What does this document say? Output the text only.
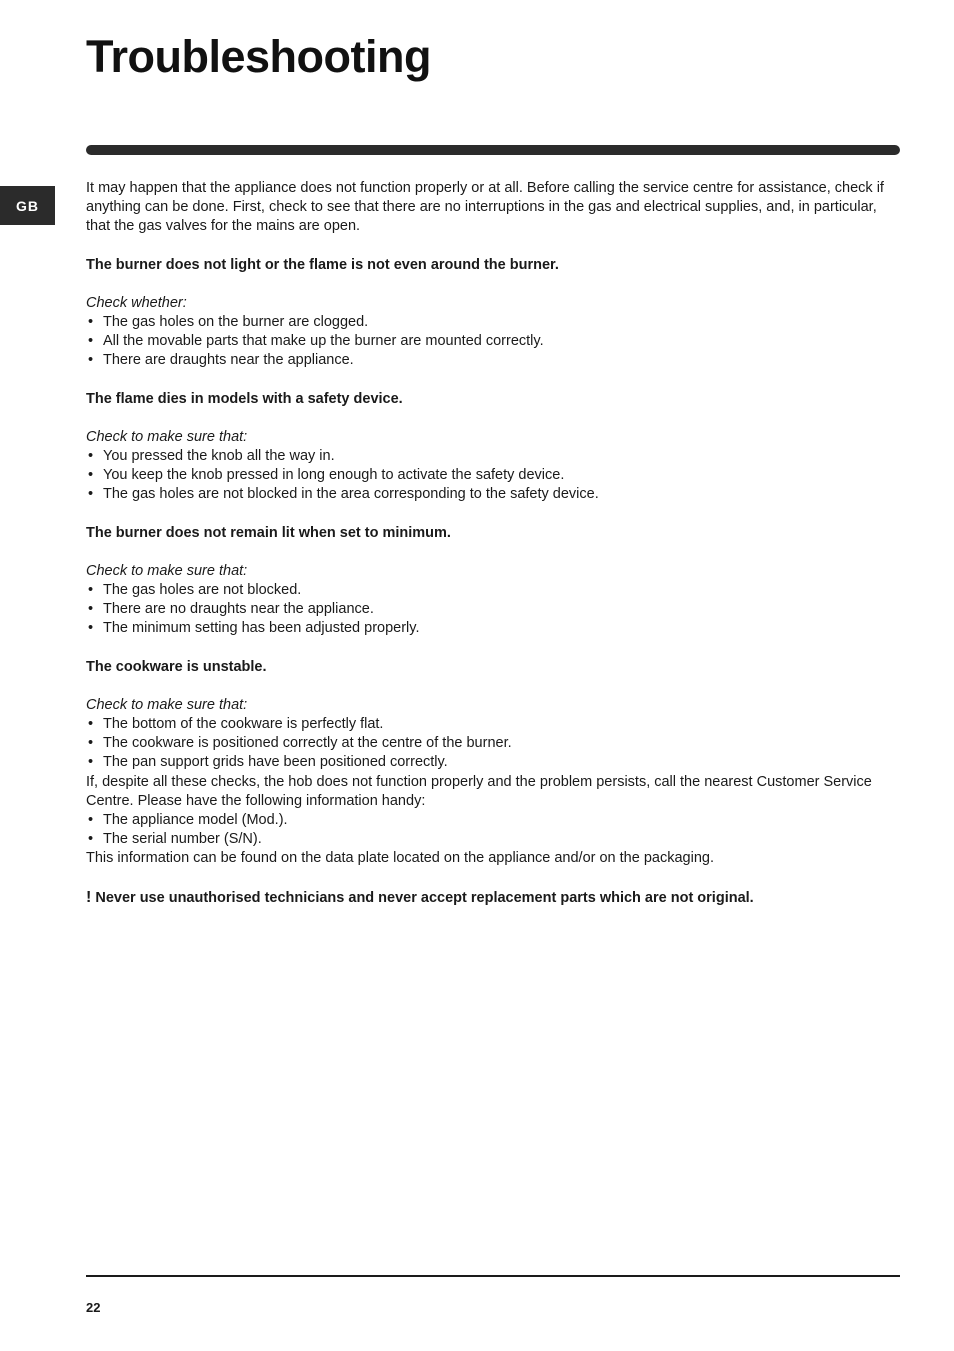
Troubleshooting
GB

It may happen that the appliance does not function properly or at all. Before calling the service centre for assistance, check if anything can be done. First, check to see that there are no interruptions in the gas and electrical supplies, and, in particular, that the gas valves for the mains are open.

The burner does not light or the flame is not even around the burner.

Check whether:

• The gas holes on the burner are clogged.
• All the movable parts that make up the burner are mounted correctly.
• There are draughts near the appliance.

The flame dies in models with a safety device.

Check to make sure that:

• You pressed the knob all the way in.
• You keep the knob pressed in long enough to activate the safety device.
• The gas holes are not blocked in the area corresponding to the safety device.

The burner does not remain lit when set to minimum.

Check to make sure that:

• The gas holes are not blocked.
• There are no draughts near the appliance.
• The minimum setting has been adjusted properly.

The cookware is unstable.

Check to make sure that:

• The bottom of the cookware is perfectly flat.
• The cookware is positioned correctly at the centre of the burner.
• The pan support grids have been positioned correctly.

If, despite all these checks, the hob does not function properly and the problem persists, call the nearest Customer Service Centre. Please have the following information handy:

• The appliance model (Mod.).
• The serial number (S/N).

This information can be found on the data plate located on the appliance and/or on the packaging.

! Never use unauthorised technicians and never accept replacement parts which are not original.

22
